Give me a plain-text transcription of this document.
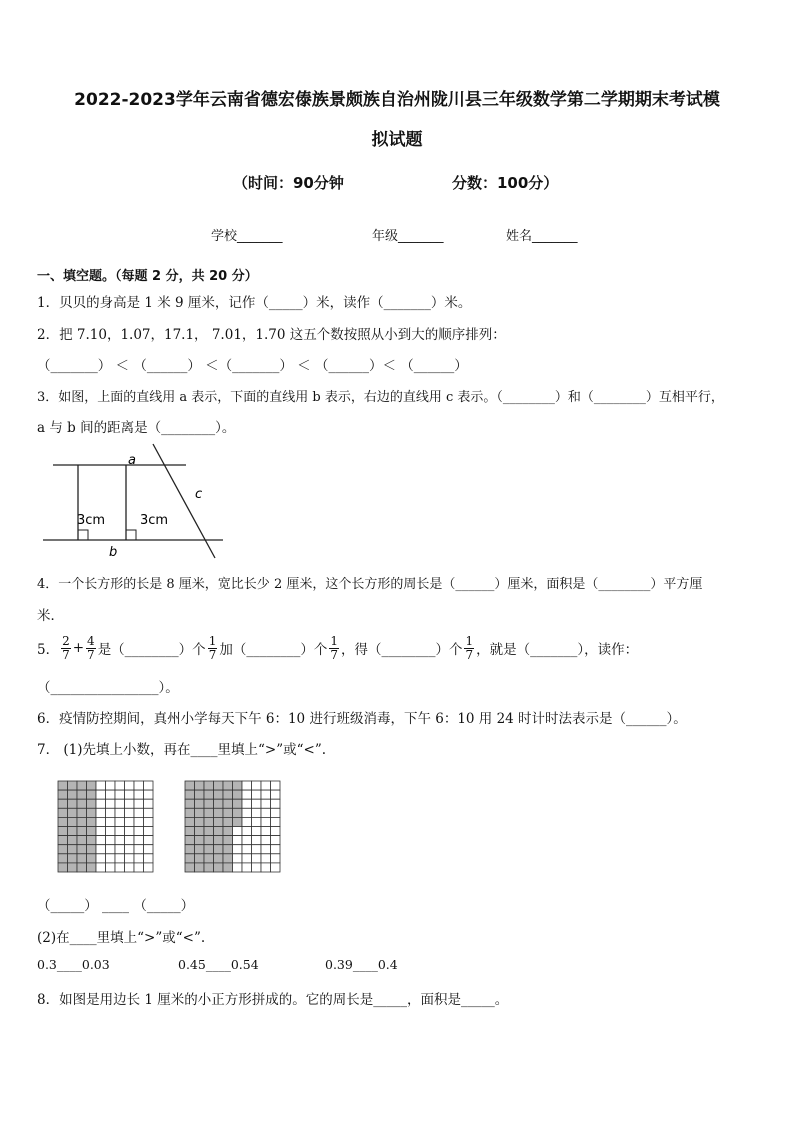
2022-2023学年云南省德宏傣族景颇族自治州陇川县三年级数学第二学期期末考试模
拟试题
（时间：90分钟	分数：100分）
学校_______	年级_______	姓名_______
一、填空题。（每题 2 分，共 20 分）
1．贝贝的身高是 1 米 9 厘米，记作（_____）米，读作（_______）米。
2．把 7.10，1.07，17.1， 7.01，1.70 这五个数按照从小到大的顺序排列：
（_______） ＜ （______） ＜（_______） ＜ （______）＜ （______）
3．如图，上面的直线用 a 表示，下面的直线用 b 表示，右边的直线用 c 表示。（________）和（________）互相平行，
a 与 b 间的距离是（________）。
a
b
c
3cm	3cm
4．一个长方形的长是 8 厘米，宽比长少 2 厘米，这个长方形的周长是（______）厘米，面积是（________）平方厘
米．
5． $\frac{2}{7} + \frac{4}{7}$ 是（________）个 $\frac{1}{7}$ 加（________）个 $\frac{1}{7}$ ，得（________）个 $\frac{1}{7}$ ，就是（_______），读作：
（________________）。
6．疫情防控期间，真州小学每天下午 6：10 进行班级消毒，下午 6：10 用 24 时计时法表示是（______）。
7． (1)先填上小数，再在____里填上“>”或“<”.
（_____） ____ （_____）
(2)在____里填上“>”或“<”.
0.3____0.03	0.45____0.54	0.39____0.4
8．如图是用边长 1 厘米的小正方形拼成的。它的周长是_____，面积是_____。
